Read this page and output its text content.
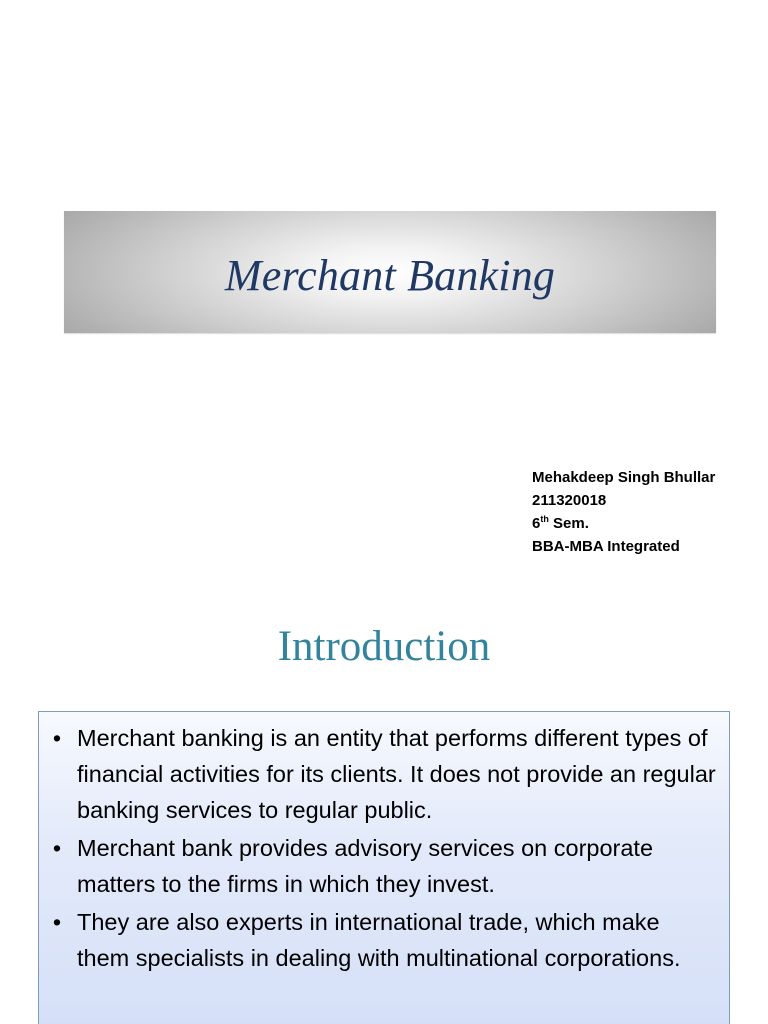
Merchant Banking
Mehakdeep Singh Bhullar
211320018
6th Sem.
BBA-MBA Integrated
Introduction
• Merchant banking is an entity that performs different types of financial activities for its clients. It does not provide an regular banking services to regular public.
• Merchant bank provides advisory services on corporate matters to the firms in which they invest.
• They are also experts in international trade, which make them specialists in dealing with multinational corporations.
